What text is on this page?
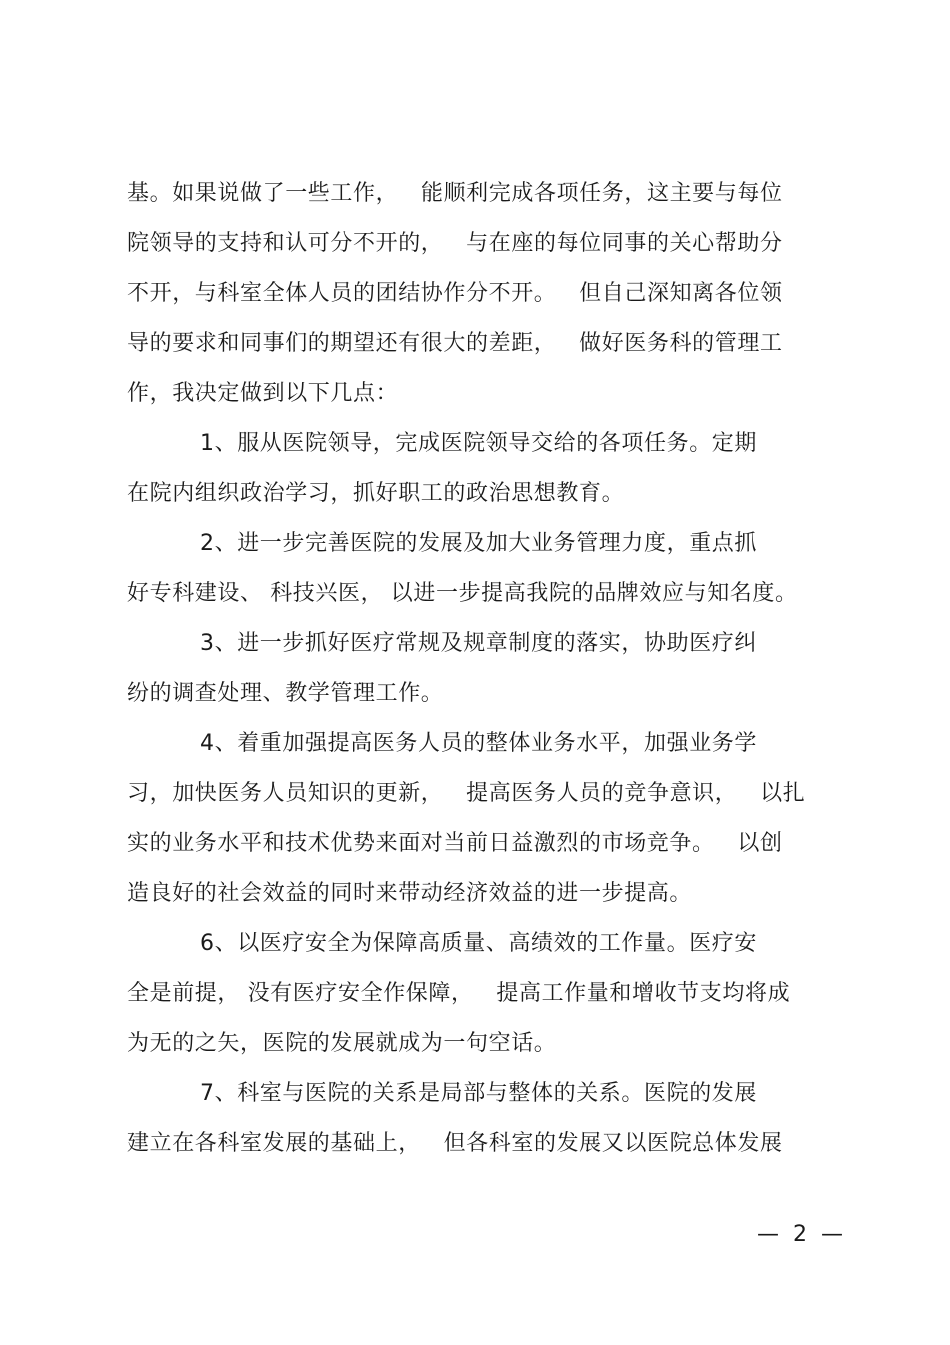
基。如果说做了一些工作，   能顺利完成各项任务，这主要与每位
院领导的支持和认可分不开的，   与在座的每位同事的关心帮助分
不开，与科室全体人员的团结协作分不开。   但自己深知离各位领
导的要求和同事们的期望还有很大的差距，   做好医务科的管理工
作，我决定做到以下几点：
1、服从医院领导，完成医院领导交给的各项任务。定期
在院内组织政治学习，抓好职工的政治思想教育。
2、进一步完善医院的发展及加大业务管理力度，重点抓
好专科建设、 科技兴医， 以进一步提高我院的品牌效应与知名度。
3、进一步抓好医疗常规及规章制度的落实，协助医疗纠
纷的调查处理、教学管理工作。
4、着重加强提高医务人员的整体业务水平，加强业务学
习，加快医务人员知识的更新，   提高医务人员的竞争意识，   以扎
实的业务水平和技术优势来面对当前日益激烈的市场竞争。   以创
造良好的社会效益的同时来带动经济效益的进一步提高。
6、以医疗安全为保障高质量、高绩效的工作量。医疗安
全是前提， 没有医疗安全作保障，   提高工作量和增收节支均将成
为无的之矢，医院的发展就成为一句空话。
7、科室与医院的关系是局部与整体的关系。医院的发展
建立在各科室发展的基础上，   但各科室的发展又以医院总体发展
—  2  —
